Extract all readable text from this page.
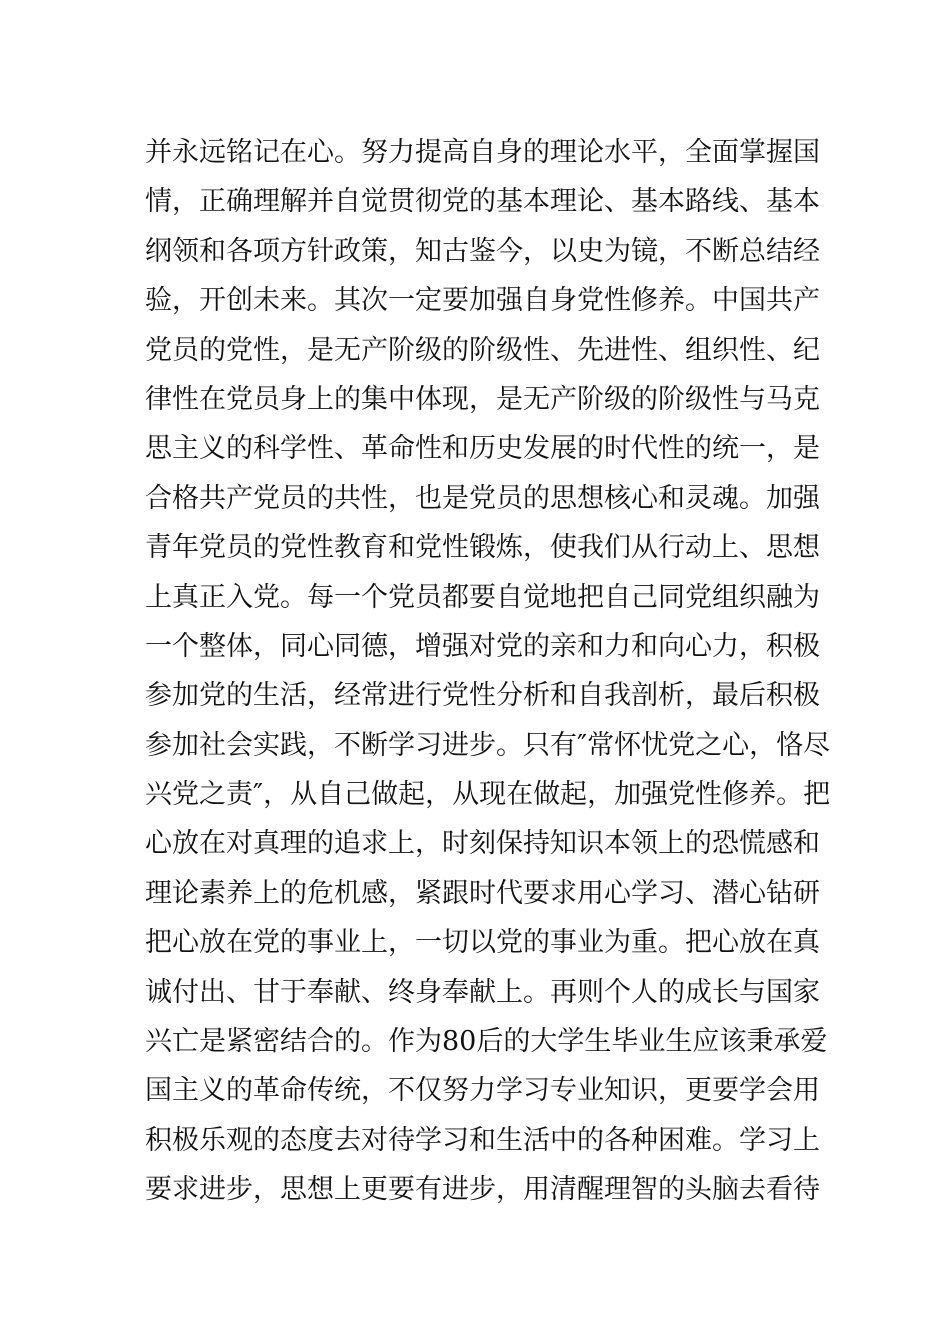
并永远铭记在心。努力提高自身的理论水平，全面掌握国
情，正确理解并自觉贯彻党的基本理论、基本路线、基本
纲领和各项方针政策，知古鉴今，以史为镜，不断总结经
验，开创未来。其次一定要加强自身党性修养。中国共产
党员的党性，是无产阶级的阶级性、先进性、组织性、纪
律性在党员身上的集中体现，是无产阶级的阶级性与马克
思主义的科学性、革命性和历史发展的时代性的统一，是
合格共产党员的共性，也是党员的思想核心和灵魂。加强
青年党员的党性教育和党性锻炼，使我们从行动上、思想
上真正入党。每一个党员都要自觉地把自己同党组织融为
一个整体，同心同德，增强对党的亲和力和向心力，积极
参加党的生活，经常进行党性分析和自我剖析，最后积极
参加社会实践，不断学习进步。只有″常怀忧党之心，恪尽
兴党之责″，从自己做起，从现在做起，加强党性修养。把
心放在对真理的追求上，时刻保持知识本领上的恐慌感和
理论素养上的危机感，紧跟时代要求用心学习、潜心钻研
把心放在党的事业上，一切以党的事业为重。把心放在真
诚付出、甘于奉献、终身奉献上。再则个人的成长与国家
兴亡是紧密结合的。作为80后的大学生毕业生应该秉承爱
国主义的革命传统，不仅努力学习专业知识，更要学会用
积极乐观的态度去对待学习和生活中的各种困难。学习上
要求进步，思想上更要有进步，用清醒理智的头脑去看待
